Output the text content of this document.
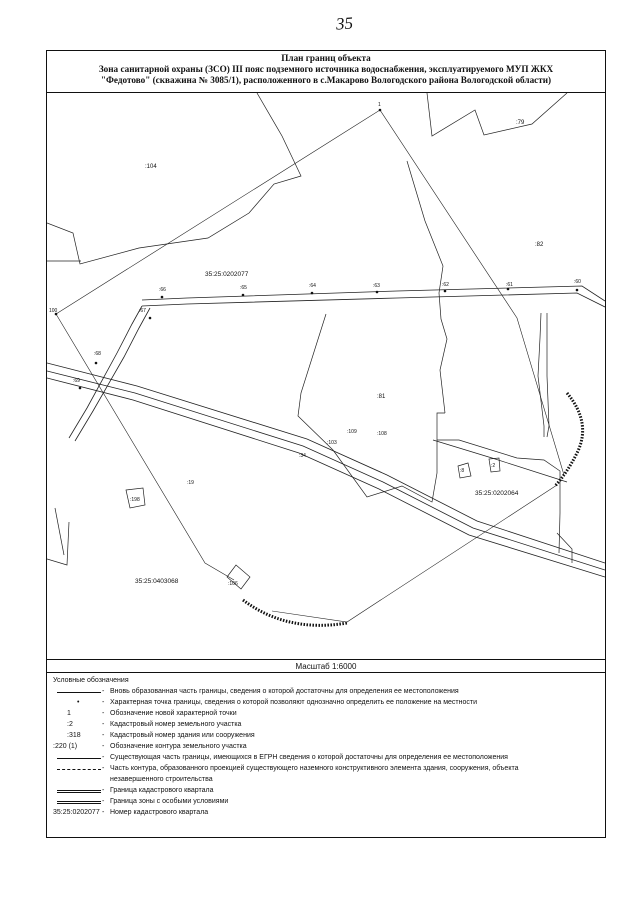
35
План границ объекта
Зона санитарной охраны (ЗСО) III пояс подземного источника водоснабжения, эксплуатируемого МУП ЖКХ
"Федотово" (скважина № 3085/1), расположенного в с.Макарово Вологодского района Вологодской области)
:104
:79
:82
:81
:109	:108
:103
:34
:19
:198
:8
:2
:106
35:25:0202077
35:25:0202064
35:25:0403068
:66	:65	:64	:63	:62	:61	:60
:67
:68
:69
1
100
Масштаб 1:6000
Условные обозначения
- Вновь образованная часть границы, сведения о которой достаточны для определения ее местоположения
•	- Характерная точка границы, сведения о которой позволяют однозначно определить ее положение на местности
1	- Обозначение новой характерной точки
:2	- Кадастровый номер земельного участка
:318	- Кадастровый номер здания или сооружения
:220 (1)	- Обозначение контура земельного участка
- Существующая часть границы, имеющихся в ЕГРН сведения о которой достаточны для определения ее местоположения
- Часть контура, образованного проекцией существующего наземного конструктивного элемента здания, сооружения, объекта
незавершенного строительства
- Граница кадастрового квартала
- Граница зоны с особыми условиями
35:25:0202077 - Номер кадастрового квартала
